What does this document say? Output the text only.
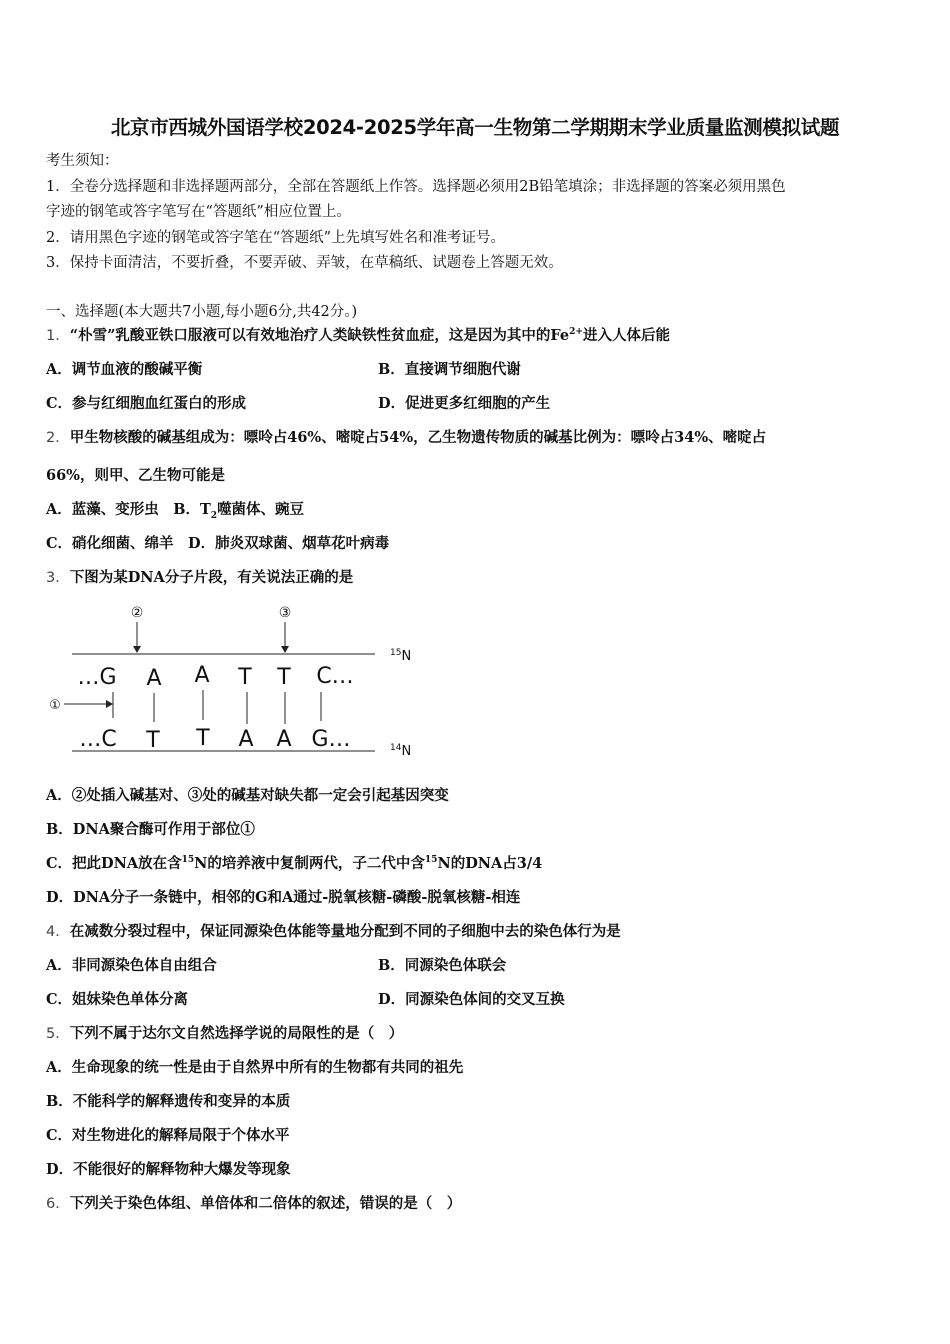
北京市西城外国语学校2024-2025学年高一生物第二学期期末学业质量监测模拟试题
考生须知：
1．全卷分选择题和非选择题两部分，全部在答题纸上作答。选择题必须用2B铅笔填涂；非选择题的答案必须用黑色
字迹的钢笔或答字笔写在“答题纸”相应位置上。
2．请用黑色字迹的钢笔或答字笔在“答题纸”上先填写姓名和准考证号。
3．保持卡面清洁，不要折叠，不要弄破、弄皱，在草稿纸、试题卷上答题无效。
一、选择题(本大题共7小题,每小题6分,共42分。)
1．“朴雪”乳酸亚铁口服液可以有效地治疗人类缺铁性贫血症，这是因为其中的$Fe^{2+}$进入人体后能
A．调节血液的酸碱平衡	B．直接调节细胞代谢
C．参与红细胞血红蛋白的形成	D．促进更多红细胞的产生
2．甲生物核酸的碱基组成为：嘌呤占46%、嘧啶占54%，乙生物遗传物质的碱基比例为：嘌呤占34%、嘧啶占
66%，则甲、乙生物可能是
A．蓝藻、变形虫　 B．$T_2$噬菌体、豌豆
C．硝化细菌、绵羊　 D．肺炎双球菌、烟草花叶病毒
3．下图为某DNA分子片段，有关说法正确的是
②	③
$^{15}$N
$^{14}$N
…G A A T T C…
①
…C T T A A G…
A．②处插入碱基对、③处的碱基对缺失都一定会引起基因突变
B．DNA聚合酶可作用于部位①
C．把此DNA放在含$^{15}$N的培养液中复制两代，子二代中含$^{15}$N的DNA占3/4
D．DNA分子一条链中，相邻的G和A通过-脱氧核糖-磷酸-脱氧核糖-相连
4．在减数分裂过程中，保证同源染色体能等量地分配到不同的子细胞中去的染色体行为是
A．非同源染色体自由组合	B．同源染色体联会
C．姐妹染色单体分离	D．同源染色体间的交叉互换
5．下列不属于达尔文自然选择学说的局限性的是（　）
A．生命现象的统一性是由于自然界中所有的生物都有共同的祖先
B．不能科学的解释遗传和变异的本质
C．对生物进化的解释局限于个体水平
D．不能很好的解释物种大爆发等现象
6．下列关于染色体组、单倍体和二倍体的叙述，错误的是（　）
